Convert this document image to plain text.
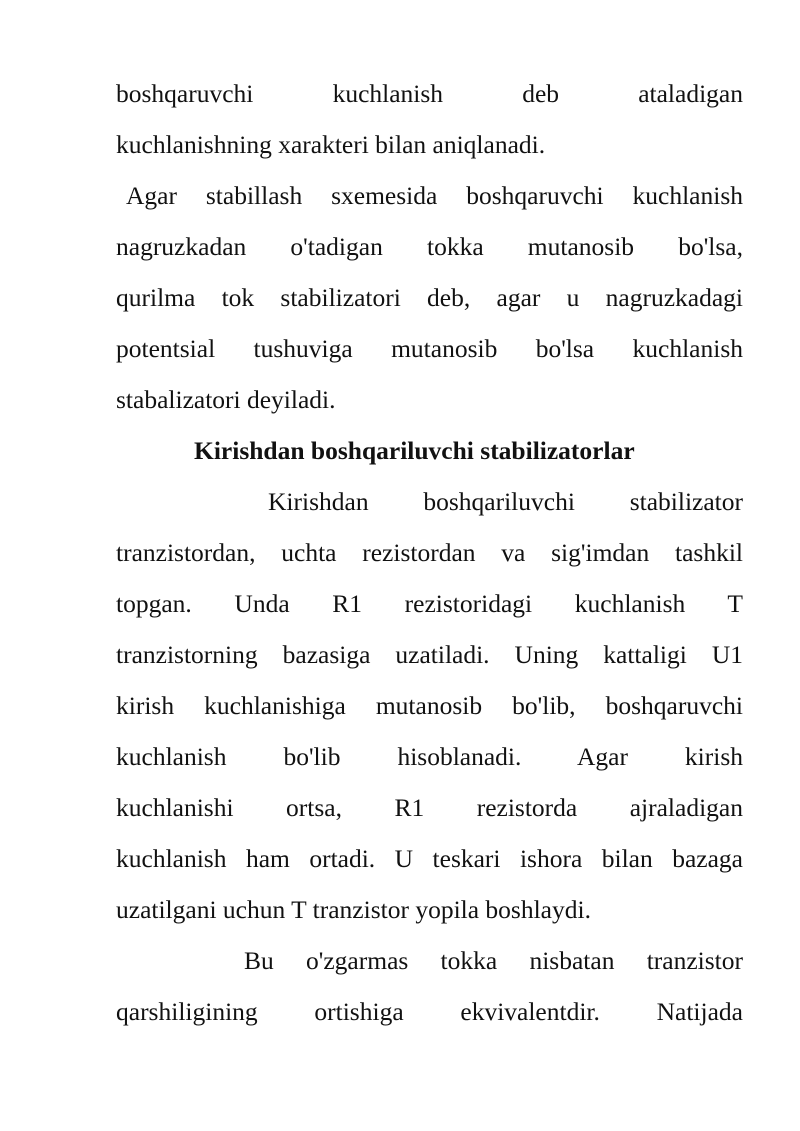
boshqaruvchi kuchlanish deb ataladigan
kuchlanishning xarakteri bilan aniqlanadi.
Agar stabillash sxemesida boshqaruvchi kuchlanish
nagruzkadan o'tadigan tokka mutanosib bo'lsa,
qurilma tok stabilizatori deb, agar u nagruzkadagi
potentsial tushuviga mutanosib bo'lsa kuchlanish
stabalizatori deyiladi.
Kirishdan boshqariluvchi stabilizatorlar
Kirishdan boshqariluvchi stabilizator
tranzistordan, uchta rezistordan va sig'imdan tashkil
topgan. Unda R1 rezistoridagi kuchlanish T
tranzistorning bazasiga uzatiladi. Uning kattaligi U1
kirish kuchlanishiga mutanosib bo'lib, boshqaruvchi
kuchlanish bo'lib hisoblanadi. Agar kirish
kuchlanishi ortsa, R1 rezistorda ajraladigan
kuchlanish ham ortadi. U teskari ishora bilan bazaga
uzatilgani uchun T tranzistor yopila boshlaydi.
Bu o'zgarmas tokka nisbatan tranzistor
qarshiligining ortishiga ekvivalentdir. Natijada
